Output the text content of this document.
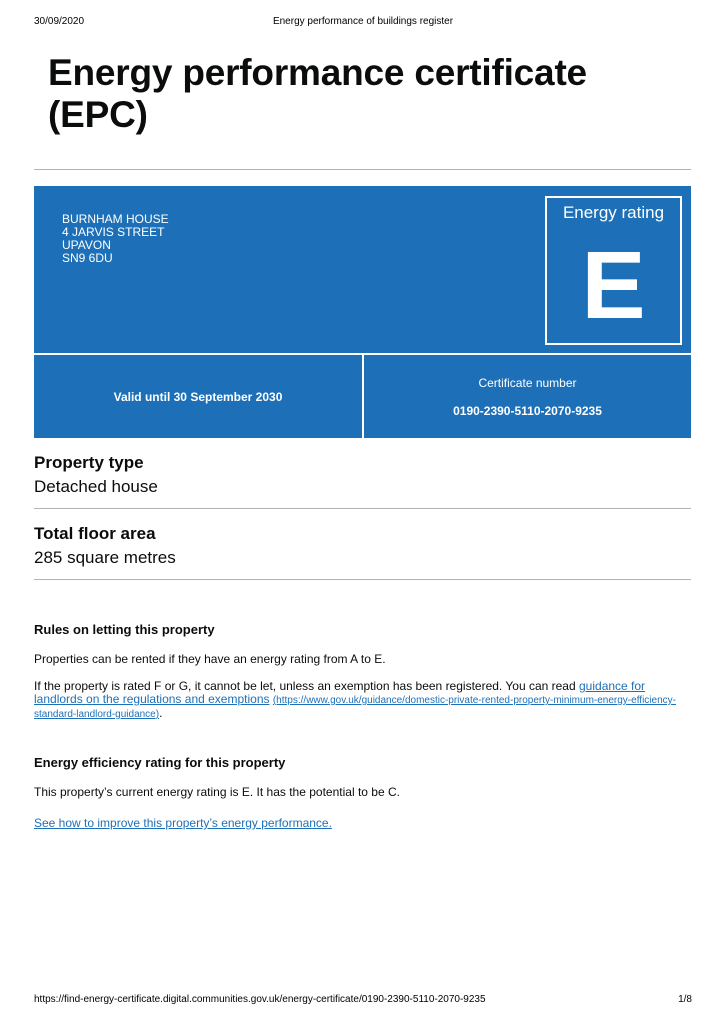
30/09/2020	Energy performance of buildings register
Energy performance certificate
(EPC)
BURNHAM HOUSE
4 JARVIS STREET
UPAVON
SN9 6DU
Energy rating
E
Valid until 30 September 2030
Certificate number
0190-2390-5110-2070-9235
Property type
Detached house
Total floor area
285 square metres
Rules on letting this property

Properties can be rented if they have an energy rating from A to E.

If the property is rated F or G, it cannot be let, unless an exemption has been registered. You can read guidance for landlords on the regulations and exemptions (https://www.gov.uk/guidance/domestic-private-rented-property-minimum-energy-efficiency-standard-landlord-guidance).

Energy efficiency rating for this property

This property’s current energy rating is E. It has the potential to be C.

See how to improve this property’s energy performance.

https://find-energy-certificate.digital.communities.gov.uk/energy-certificate/0190-2390-5110-2070-9235	1/8
